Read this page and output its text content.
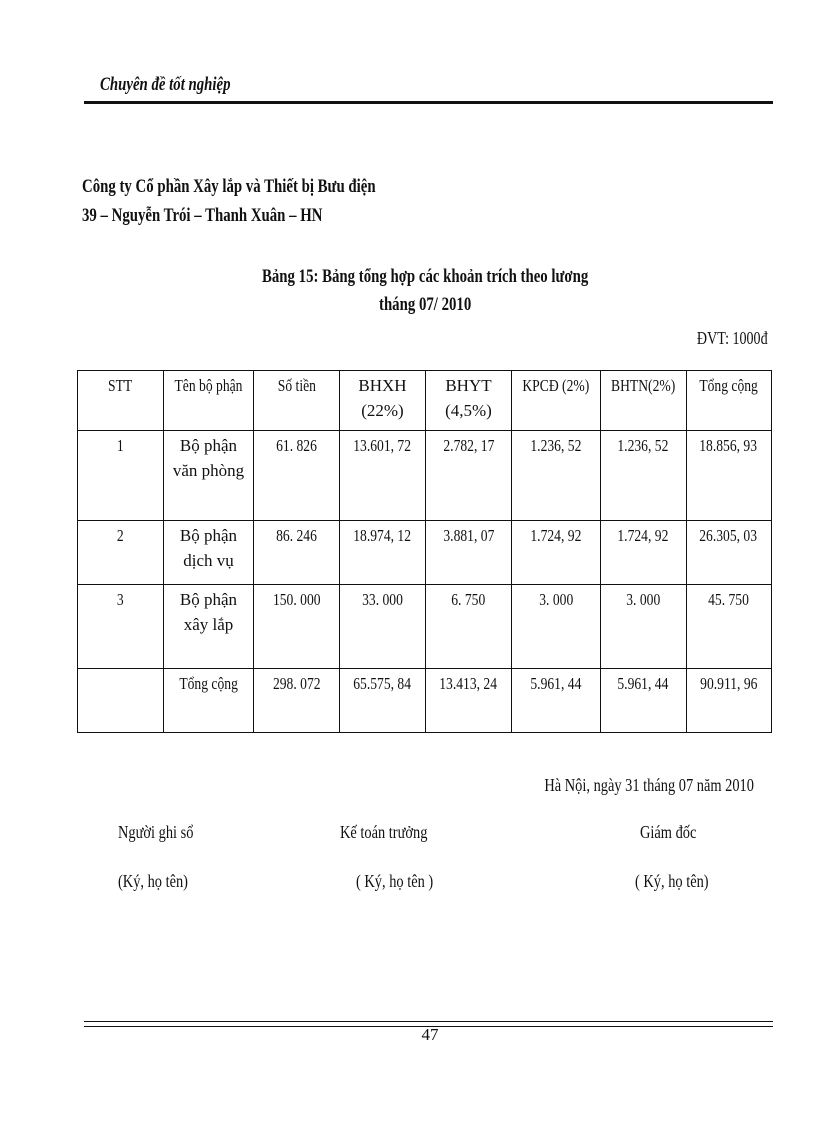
Chuyên đề tốt nghiệp
Công ty Cổ phần Xây lắp và Thiết bị Bưu điện
39 – Nguyễn Trói – Thanh Xuân – HN
Bảng 15: Bảng tổng hợp các khoản trích theo lương
tháng 07/ 2010
ĐVT: 1000đ
STT	Tên bộ phận	Số tiền	BHXH (22%)	BHYT (4,5%)	KPCĐ (2%)	BHTN(2%)	Tổng cộng
1	Bộ phận văn phòng	61. 826	13.601, 72	2.782, 17	1.236, 52	1.236, 52	18.856, 93
2	Bộ phận dịch vụ	86. 246	18.974, 12	3.881, 07	1.724, 92	1.724, 92	26.305, 03
3	Bộ phận xây lắp	150. 000	33. 000	6. 750	3. 000	3. 000	45. 750
	Tổng cộng	298. 072	65.575, 84	13.413, 24	5.961, 44	5.961, 44	90.911, 96
Hà Nội, ngày 31 tháng 07 năm 2010
Người ghi sổ	Kế toán trưởng	Giám đốc
(Ký, họ tên)	( Ký, họ tên )	( Ký, họ tên)
47
